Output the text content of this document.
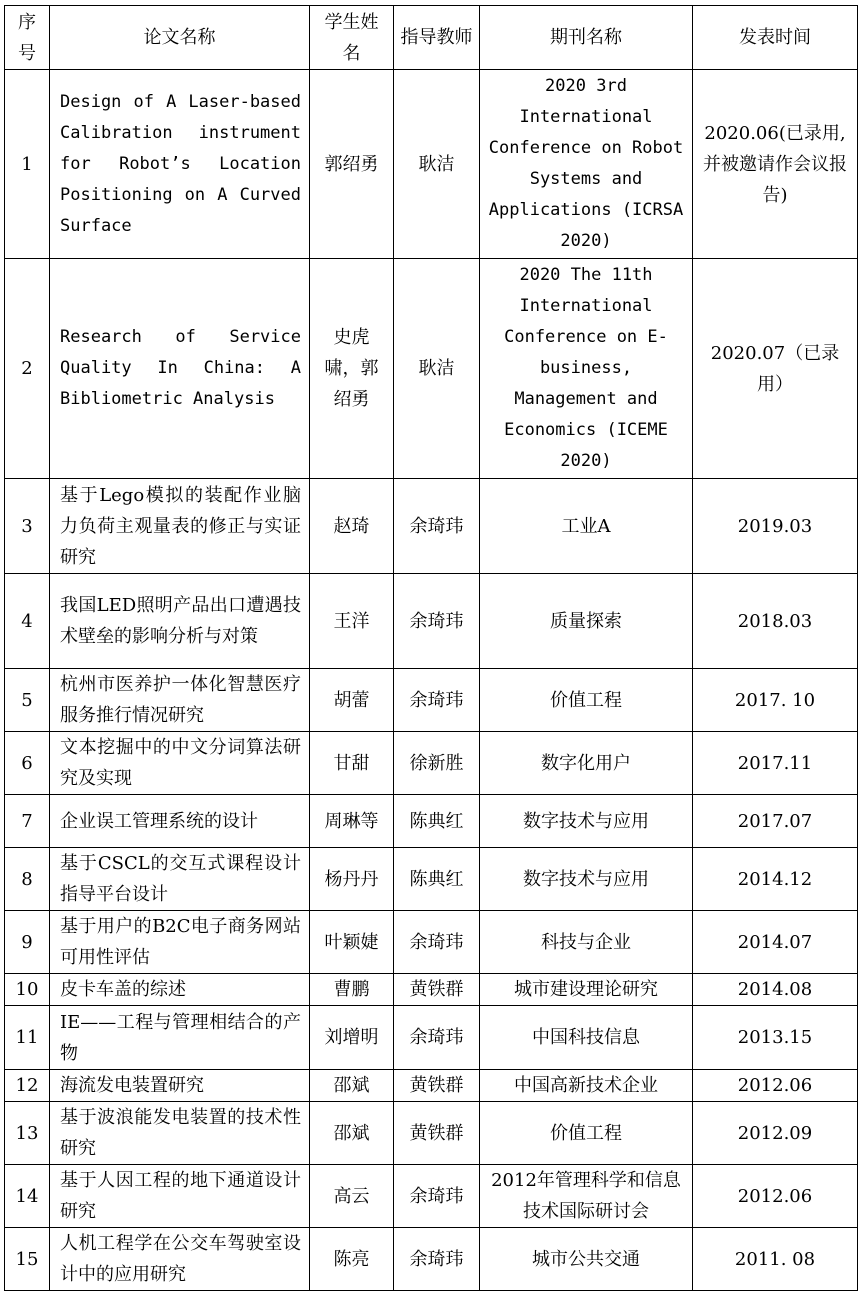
序号	论文名称	学生姓名	指导教师	期刊名称	发表时间
1	Design of A Laser-based Calibration instrument for Robot’s Location Positioning on A Curved Surface	郭绍勇	耿洁	2020 3rd International Conference on Robot Systems and Applications (ICRSA 2020)	2020.06(已录用,并被邀请作会议报告)
2	Research of Service Quality In China: A Bibliometric Analysis	史虎啸，郭绍勇	耿洁	2020 The 11th International Conference on E-business, Management and Economics (ICEME 2020)	2020.07（已录用）
3	基于Lego模拟的装配作业脑力负荷主观量表的修正与实证研究	赵琦	余琦玮	工业A	2019.03
4	我国LED照明产品出口遭遇技术壁垒的影响分析与对策	王洋	余琦玮	质量探索	2018.03
5	杭州市医养护一体化智慧医疗服务推行情况研究	胡蕾	余琦玮	价值工程	2017. 10
6	文本挖掘中的中文分词算法研究及实现	甘甜	徐新胜	数字化用户	2017.11
7	企业误工管理系统的设计	周琳等	陈典红	数字技术与应用	2017.07
8	基于CSCL的交互式课程设计指导平台设计	杨丹丹	陈典红	数字技术与应用	2014.12
9	基于用户的B2C电子商务网站可用性评估	叶颖婕	余琦玮	科技与企业	2014.07
10	皮卡车盖的综述	曹鹏	黄铁群	城市建设理论研究	2014.08
11	IE——工程与管理相结合的产物	刘增明	余琦玮	中国科技信息	2013.15
12	海流发电装置研究	邵斌	黄铁群	中国高新技术企业	2012.06
13	基于波浪能发电装置的技术性研究	邵斌	黄铁群	价值工程	2012.09
14	基于人因工程的地下通道设计研究	高云	余琦玮	2012年管理科学和信息技术国际研讨会	2012.06
15	人机工程学在公交车驾驶室设计中的应用研究	陈亮	余琦玮	城市公共交通	2011. 08
